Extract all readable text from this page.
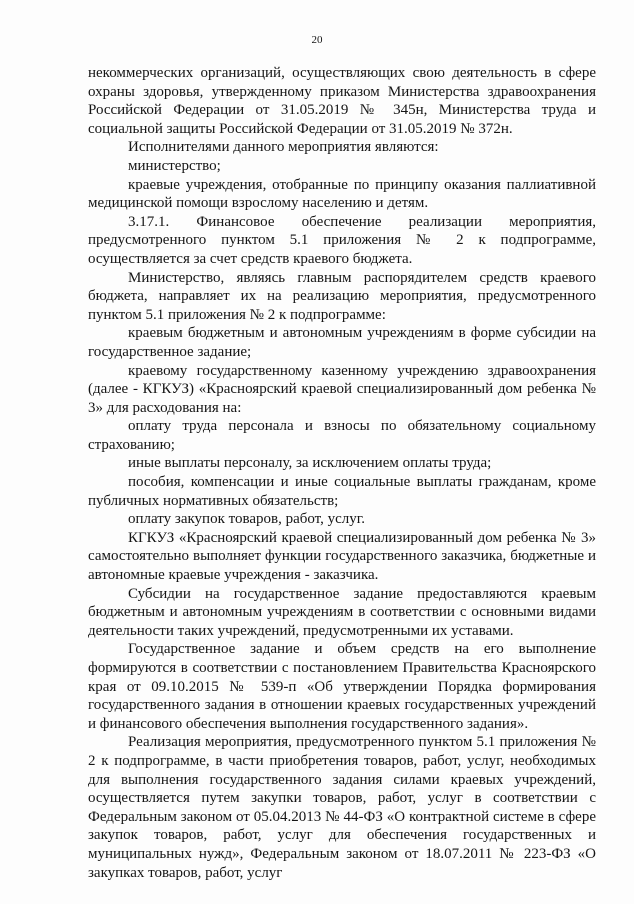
20

некоммерческих организаций, осуществляющих свою деятельность в сфере охраны здоровья, утвержденному приказом Министерства здравоохранения Российской Федерации от 31.05.2019 № 345н, Министерства труда и социальной защиты Российской Федерации от 31.05.2019 № 372н.

Исполнителями данного мероприятия являются:

министерство;

краевые учреждения, отобранные по принципу оказания паллиативной медицинской помощи взрослому населению и детям.

3.17.1. Финансовое обеспечение реализации мероприятия, предусмотренного пунктом 5.1 приложения № 2 к подпрограмме, осуществляется за счет средств краевого бюджета.

Министерство, являясь главным распорядителем средств краевого бюджета, направляет их на реализацию мероприятия, предусмотренного пунктом 5.1 приложения № 2 к подпрограмме:

краевым бюджетным и автономным учреждениям в форме субсидии на государственное задание;

краевому государственному казенному учреждению здравоохранения (далее - КГКУЗ) «Красноярский краевой специализированный дом ребенка № 3» для расходования на:

оплату труда персонала и взносы по обязательному социальному страхованию;

иные выплаты персоналу, за исключением оплаты труда;

пособия, компенсации и иные социальные выплаты гражданам, кроме публичных нормативных обязательств;

оплату закупок товаров, работ, услуг.

КГКУЗ «Красноярский краевой специализированный дом ребенка № 3» самостоятельно выполняет функции государственного заказчика, бюджетные и автономные краевые учреждения - заказчика.

Субсидии на государственное задание предоставляются краевым бюджетным и автономным учреждениям в соответствии с основными видами деятельности таких учреждений, предусмотренными их уставами.

Государственное задание и объем средств на его выполнение формируются в соответствии с постановлением Правительства Красноярского края от 09.10.2015 № 539-п «Об утверждении Порядка формирования государственного задания в отношении краевых государственных учреждений и финансового обеспечения выполнения государственного задания».

Реализация мероприятия, предусмотренного пунктом 5.1 приложения № 2 к подпрограмме, в части приобретения товаров, работ, услуг, необходимых для выполнения государственного задания силами краевых учреждений, осуществляется путем закупки товаров, работ, услуг в соответствии с Федеральным законом от 05.04.2013 № 44-ФЗ «О контрактной системе в сфере закупок товаров, работ, услуг для обеспечения государственных и муниципальных нужд», Федеральным законом от 18.07.2011 № 223-ФЗ «О закупках товаров, работ, услуг
